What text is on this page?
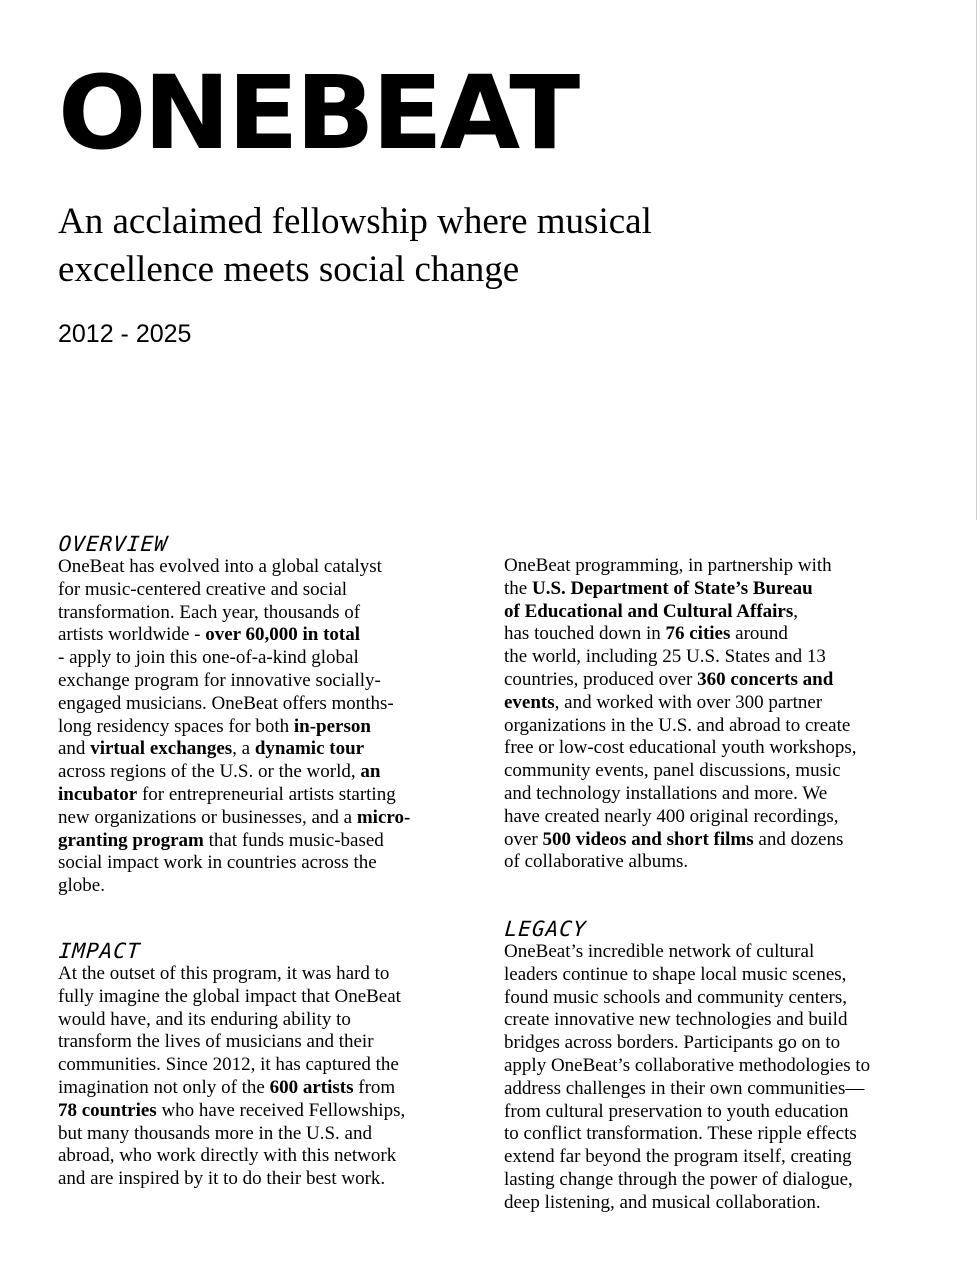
ONEBEAT
An acclaimed fellowship where musical
excellence meets social change
2012 - 2025
OVERVIEW

OneBeat has evolved into a global catalyst
for music-centered creative and social
transformation. Each year, thousands of
artists worldwide - over 60,000 in total
- apply to join this one-of-a-kind global
exchange program for innovative socially-
engaged musicians. OneBeat offers months-
long residency spaces for both in-person
and virtual exchanges, a dynamic tour
across regions of the U.S. or the world, an
incubator for entrepreneurial artists starting
new organizations or businesses, and a micro-
granting program that funds music-based
social impact work in countries across the
globe.

OneBeat programming, in partnership with
the U.S. Department of State’s Bureau
of Educational and Cultural Affairs,
has touched down in 76 cities around
the world, including 25 U.S. States and 13
countries, produced over 360 concerts and
events, and worked with over 300 partner
organizations in the U.S. and abroad to create
free or low-cost educational youth workshops,
community events, panel discussions, music
and technology installations and more. We
have created nearly 400 original recordings,
over 500 videos and short films and dozens
of collaborative albums.

IMPACT

At the outset of this program, it was hard to
fully imagine the global impact that OneBeat
would have, and its enduring ability to
transform the lives of musicians and their
communities. Since 2012, it has captured the
imagination not only of the 600 artists from
78 countries who have received Fellowships,
but many thousands more in the U.S. and
abroad, who work directly with this network
and are inspired by it to do their best work.

LEGACY

OneBeat’s incredible network of cultural
leaders continue to shape local music scenes,
found music schools and community centers,
create innovative new technologies and build
bridges across borders. Participants go on to
apply OneBeat’s collaborative methodologies to
address challenges in their own communities—
from cultural preservation to youth education
to conflict transformation. These ripple effects
extend far beyond the program itself, creating
lasting change through the power of dialogue,
deep listening, and musical collaboration.
